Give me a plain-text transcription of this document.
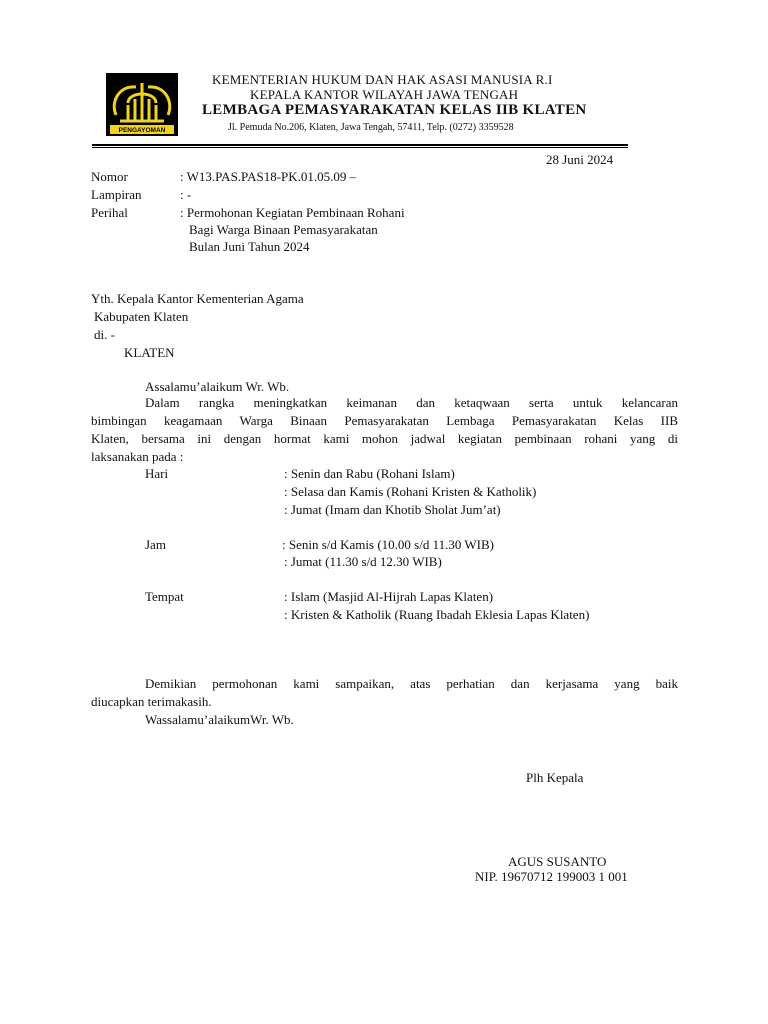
PENGAYOMAN
KEMENTERIAN HUKUM DAN HAK ASASI MANUSIA R.I
KEPALA KANTOR WILAYAH JAWA TENGAH
LEMBAGA PEMASYARAKATAN KELAS IIB KLATEN
Jl. Pemuda No.206, Klaten, Jawa Tengah, 57411, Telp. (0272) 3359528
28 Juni 2024
Nomor	: W13.PAS.PAS18-PK.01.05.09 –
Lampiran	: -
Perihal	: Permohonan Kegiatan Pembinaan Rohani
Bagi Warga Binaan Pemasyarakatan
Bulan Juni Tahun 2024
Yth. Kepala Kantor Kementerian Agama
Kabupaten Klaten
di. -
KLATEN
Assalamu’alaikum Wr. Wb.
Dalam rangka meningkatkan keimanan dan ketaqwaan serta untuk kelancaran
bimbingan keagamaan Warga Binaan Pemasyarakatan Lembaga Pemasyarakatan Kelas IIB
Klaten, bersama ini dengan hormat kami mohon jadwal kegiatan pembinaan rohani yang di
laksanakan pada :
Hari	: Senin dan Rabu (Rohani Islam)
: Selasa dan Kamis (Rohani Kristen & Katholik)
: Jumat (Imam dan Khotib Sholat Jum’at)
Jam	: Senin s/d Kamis (10.00 s/d 11.30 WIB)
: Jumat (11.30 s/d 12.30 WIB)
Tempat	: Islam (Masjid Al-Hijrah Lapas Klaten)
: Kristen & Katholik (Ruang Ibadah Eklesia Lapas Klaten)
Demikian permohonan kami sampaikan, atas perhatian dan kerjasama yang baik
diucapkan terimakasih.
Wassalamu’alaikumWr. Wb.
Plh Kepala
AGUS SUSANTO
NIP. 19670712 199003 1 001
